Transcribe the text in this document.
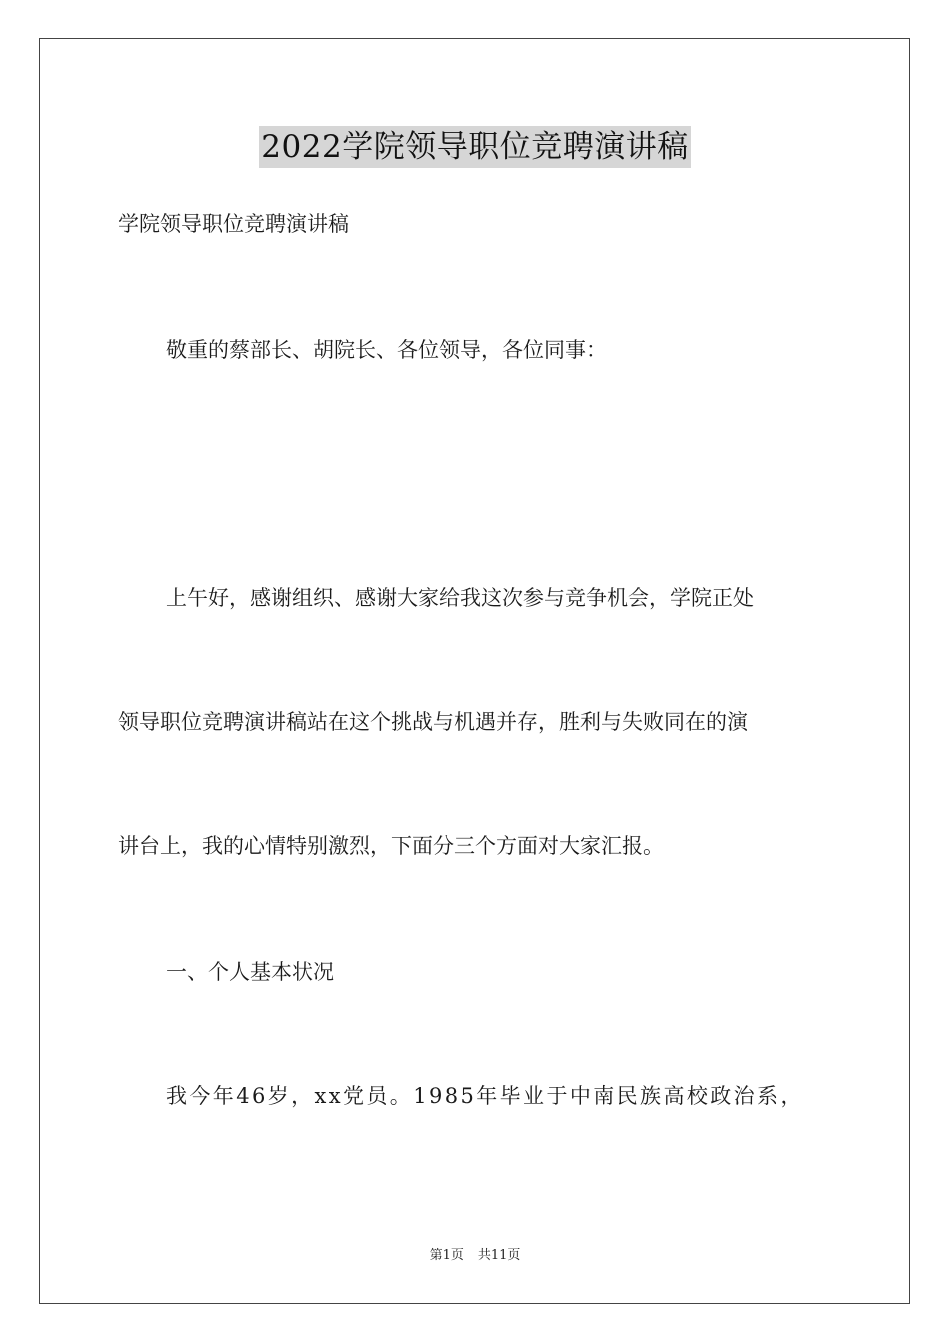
2022学院领导职位竞聘演讲稿
学院领导职位竞聘演讲稿
敬重的蔡部长、胡院长、各位领导，各位同事：
上午好，感谢组织、感谢大家给我这次参与竞争机会，学院正处
领导职位竞聘演讲稿站在这个挑战与机遇并存，胜利与失败同在的演
讲台上，我的心情特别激烈，下面分三个方面对大家汇报。
一、个人基本状况
我今年46岁，xx党员。1985年毕业于中南民族高校政治系，
第1页 共11页
